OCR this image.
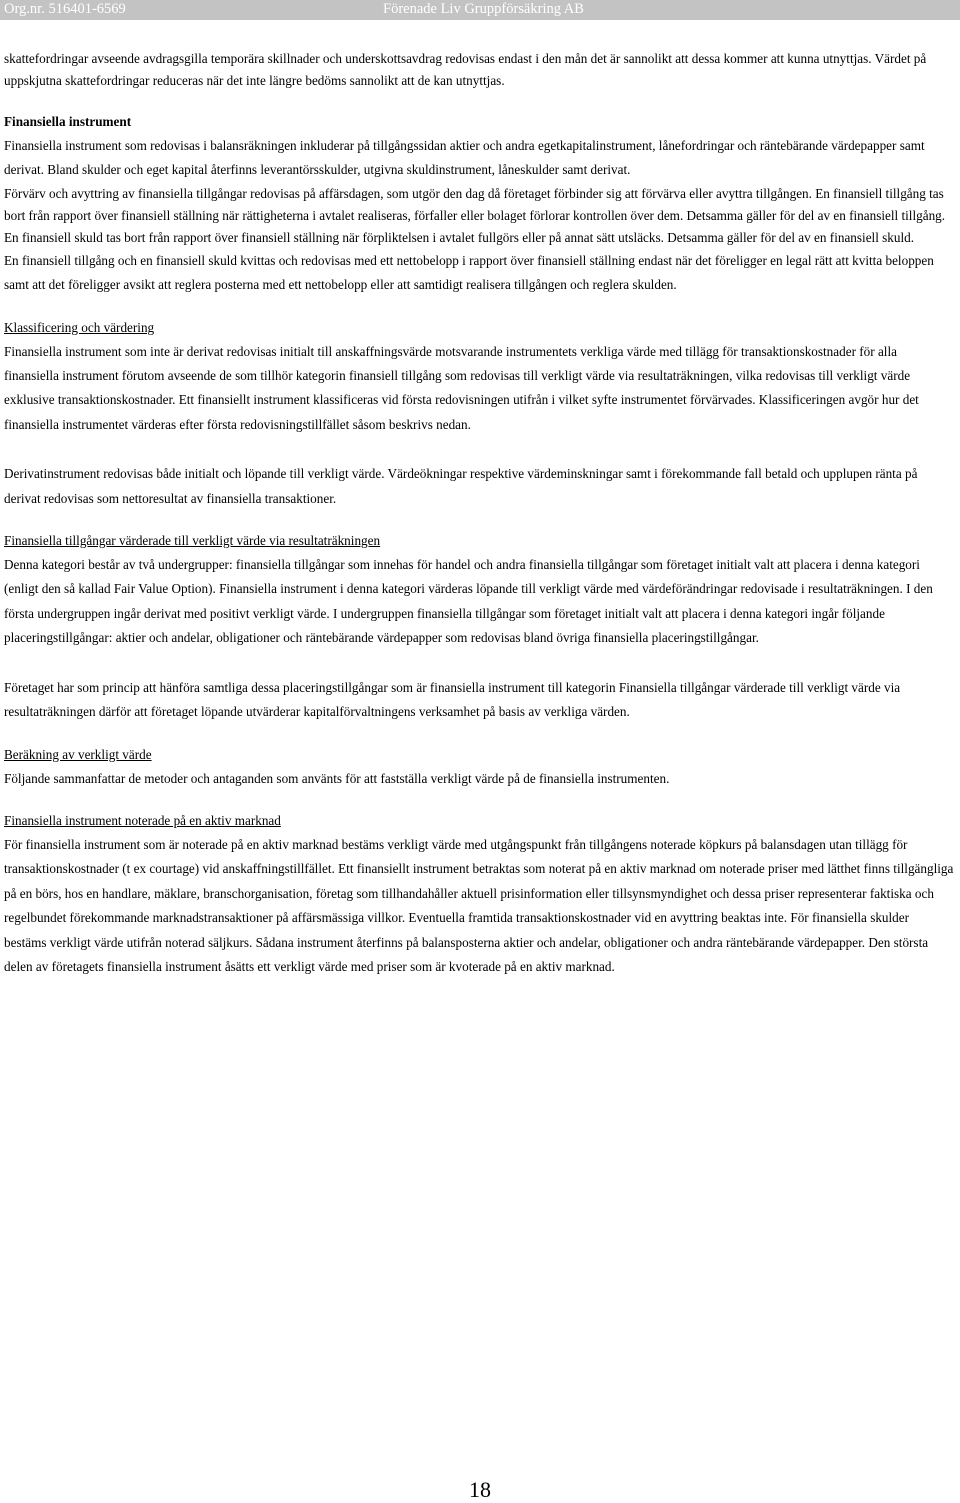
Org.nr. 516401-6569	Förenade Liv Gruppförsäkring AB

skattefordringar avseende avdragsgilla temporära skillnader och underskottsavdrag redovisas endast i den mån det är sannolikt att dessa kommer att kunna utnyttjas. Värdet på uppskjutna skattefordringar reduceras när det inte längre bedöms sannolikt att de kan utnyttjas.

Finansiella instrument

Finansiella instrument som redovisas i balansräkningen inkluderar på tillgångssidan aktier och andra egetkapitalinstrument, lånefordringar och räntebärande värdepapper samt derivat. Bland skulder och eget kapital återfinns leverantörsskulder, utgivna skuldinstrument, låneskulder samt derivat.

Förvärv och avyttring av finansiella tillgångar redovisas på affärsdagen, som utgör den dag då företaget förbinder sig att förvärva eller avyttra tillgången. En finansiell tillgång tas bort från rapport över finansiell ställning när rättigheterna i avtalet realiseras, förfaller eller bolaget förlorar kontrollen över dem. Detsamma gäller för del av en finansiell tillgång. En finansiell skuld tas bort från rapport över finansiell ställning när förpliktelsen i avtalet fullgörs eller på annat sätt utsläcks. Detsamma gäller för del av en finansiell skuld.

En finansiell tillgång och en finansiell skuld kvittas och redovisas med ett nettobelopp i rapport över finansiell ställning endast när det föreligger en legal rätt att kvitta beloppen samt att det föreligger avsikt att reglera posterna med ett nettobelopp eller att samtidigt realisera tillgången och reglera skulden.

Klassificering och värdering

Finansiella instrument som inte är derivat redovisas initialt till anskaffningsvärde motsvarande instrumentets verkliga värde med tillägg för transaktionskostnader för alla finansiella instrument förutom avseende de som tillhör kategorin finansiell tillgång som redovisas till verkligt värde via resultaträkningen, vilka redovisas till verkligt värde exklusive transaktionskostnader. Ett finansiellt instrument klassificeras vid första redovisningen utifrån i vilket syfte instrumentet förvärvades. Klassificeringen avgör hur det finansiella instrumentet värderas efter första redovisningstillfället såsom beskrivs nedan.

Derivatinstrument redovisas både initialt och löpande till verkligt värde. Värdeökningar respektive värdeminskningar samt i förekommande fall betald och upplupen ränta på derivat redovisas som nettoresultat av finansiella transaktioner.

Finansiella tillgångar värderade till verkligt värde via resultaträkningen

Denna kategori består av två undergrupper: finansiella tillgångar som innehas för handel och andra finansiella tillgångar som företaget initialt valt att placera i denna kategori (enligt den så kallad Fair Value Option). Finansiella instrument i denna kategori värderas löpande till verkligt värde med värdeförändringar redovisade i resultaträkningen. I den första undergruppen ingår derivat med positivt verkligt värde. I undergruppen finansiella tillgångar som företaget initialt valt att placera i denna kategori ingår följande placeringstillgångar: aktier och andelar, obligationer och räntebärande värdepapper som redovisas bland övriga finansiella placeringstillgångar.

Företaget har som princip att hänföra samtliga dessa placeringstillgångar som är finansiella instrument till kategorin Finansiella tillgångar värderade till verkligt värde via resultaträkningen därför att företaget löpande utvärderar kapitalförvaltningens verksamhet på basis av verkliga värden.

Beräkning av verkligt värde

Följande sammanfattar de metoder och antaganden som använts för att fastställa verkligt värde på de finansiella instrumenten.

Finansiella instrument noterade på en aktiv marknad

För finansiella instrument som är noterade på en aktiv marknad bestäms verkligt värde med utgångspunkt från tillgångens noterade köpkurs på balansdagen utan tillägg för transaktionskostnader (t ex courtage) vid anskaffningstillfället. Ett finansiellt instrument betraktas som noterat på en aktiv marknad om noterade priser med lätthet finns tillgängliga på en börs, hos en handlare, mäklare, branschorganisation, företag som tillhandahåller aktuell prisinformation eller tillsynsmyndighet och dessa priser representerar faktiska och regelbundet förekommande marknadstransaktioner på affärsmässiga villkor. Eventuella framtida transaktionskostnader vid en avyttring beaktas inte. För finansiella skulder bestäms verkligt värde utifrån noterad säljkurs. Sådana instrument återfinns på balansposterna aktier och andelar, obligationer och andra räntebärande värdepapper. Den största delen av företagets finansiella instrument åsätts ett verkligt värde med priser som är kvoterade på en aktiv marknad.

18
